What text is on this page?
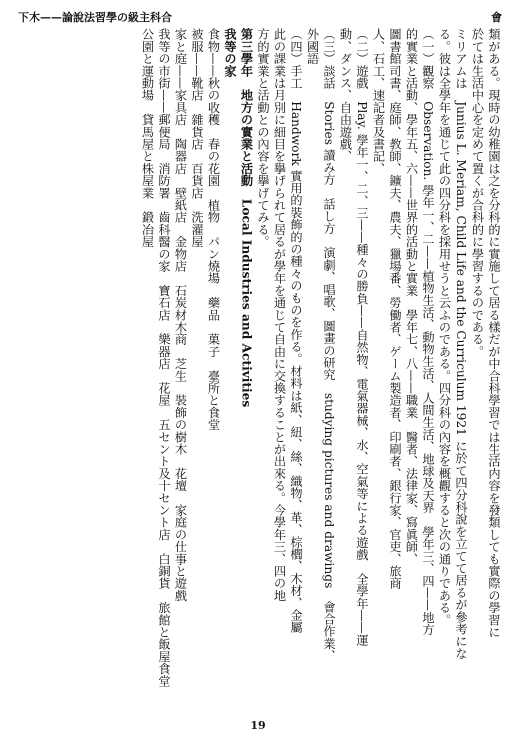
下木——論說法習學の級主科合	會
類がある。現時の幼稚園は之を分科的に實施して居る樣だが中合科學習では生活内容を發類しても實際の學習に
於ては生活中心を定めて置くが合科的に學習するのである。
ミリアムは　Junius L. Meriam, Child Life and the Curriculum 1921 に於て四分科說を立てて居るが參考にな
る。彼は全學年を通じて此の四分科を採用せうと云ふのである。四分科の內容を概觀すると次の通りである。
（一）觀察　Observation. 學年一、二——植物生活、動物生活、人間生活、地球及天界　學年三、四——地方
的實業と活動、學年五、六——世界的活動と實業　學年七、八——職業　醫者、法律家、寫眞師、
圖書館司書、庭師、教師、鑛夫、農夫、獵場番、勞働者、ゲーム製造者、印刷者、銀行家、官吏、旅商
人、石工、速記者及書記、
（二）遊戲　Play. 學年一、二、三——種々の勝負——自然物、電氣器械、水、空氣等による遊戲　全學年——運
動、ダンス、自由遊戲、
（三）談話　Stories 讀み方　話し方　演劇、唱歌、圖畫の研究　studying pictures and drawings　會合作業、
外國語
（四）手工　Handwork 實用的裝飾的の種々のものを作る。材料は紙、紐、絲、織物、革、棕櫚、木材、金屬
此の課業は月別に細目を擧げられて居るが學年を通じて自由に交換することが出來る。今學年三、四の地
方的實業と活動との內容を擧げてみる。
第三學年　地方の實業と活動　Local Industries and Activities
我等の家
食物——秋の收穫　春の花園　植物　パン燒場　藥品　菓子　臺所と食堂
被服——靴店　雜貨店　百貨店　洗濯屋
家と庭——家具店　陶器店　壁紙店　金物店　石炭材木商　芝生　裝飾の樹木　花壇　家庭の仕事と遊戲
我等の市街——郵便局　消防署　齒科醫の家　寶石店　樂器店　花屋　五セント及十セント店　白銅貨　旅館と飯屋食堂
公園と運動場　貸馬屋と株屋業　鍛冶屋
19
